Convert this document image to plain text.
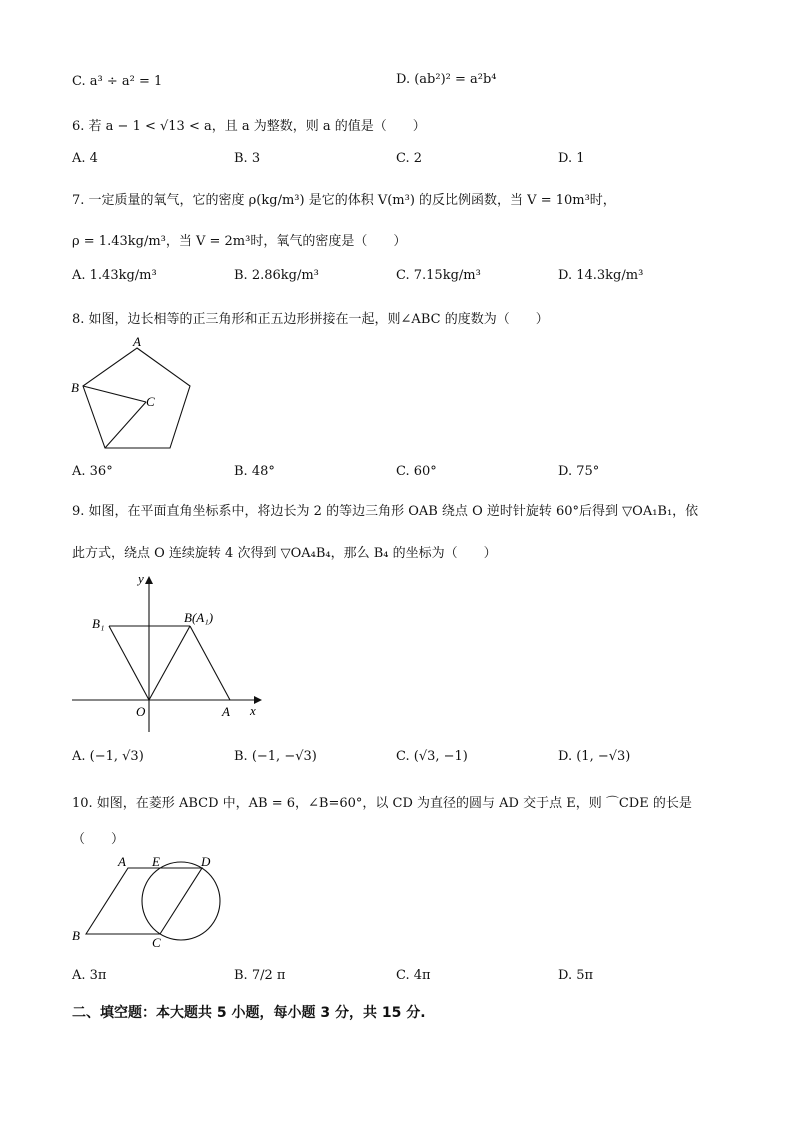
C. a³ ÷ a² = 1	D. (ab²)² = a²b⁴
6. 若 a − 1 < √13 < a，且 a 为整数，则 a 的值是（　　）
A. 4	B. 3	C. 2	D. 1
7. 一定质量的氧气，它的密度 ρ(kg/m³) 是它的体积 V(m³) 的反比例函数，当 V = 10m³时，
ρ = 1.43kg/m³，当 V = 2m³时，氧气的密度是（　　）
A. 1.43kg/m³	B. 2.86kg/m³	C. 7.15kg/m³	D. 14.3kg/m³
8. 如图，边长相等的正三角形和正五边形拼接在一起，则∠ABC 的度数为（　　）
A
B
C
A. 36°	B. 48°	C. 60°	D. 75°
9. 如图，在平面直角坐标系中，将边长为 2 的等边三角形 OAB 绕点 O 逆时针旋转 60°后得到 ▽OA₁B₁，依
此方式，绕点 O 连续旋转 4 次得到 ▽OA₄B₄，那么 B₄ 的坐标为（　　）
y
x
O	A
B₁	B(A₁)
A. (−1, √3)	B. (−1, −√3)	C. (√3, −1)	D. (1, −√3)
10. 如图，在菱形 ABCD 中，AB = 6，∠B=60°，以 CD 为直径的圆与 AD 交于点 E，则 ⌒CDE 的长是
（　　）
A E	D
B	C
A. 3π	B. 7/2 π	C. 4π	D. 5π
二、填空题：本大题共 5 小题，每小题 3 分，共 15 分.
